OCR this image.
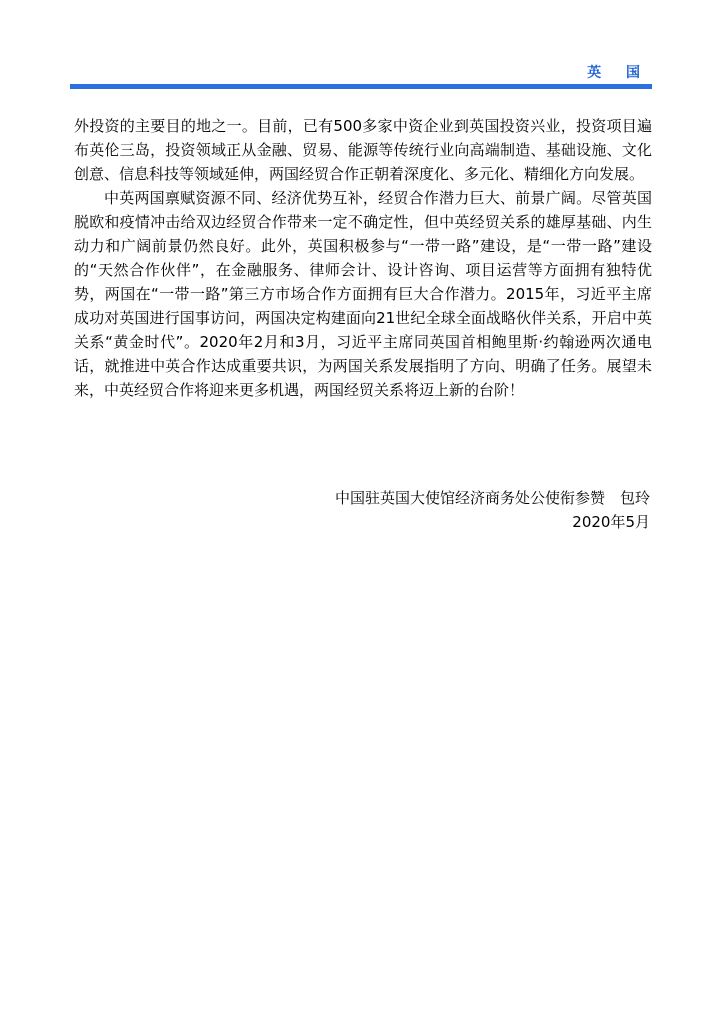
英 国

外投资的主要目的地之一。目前，已有500多家中资企业到英国投资兴业，投资项目遍布英伦三岛，投资领域正从金融、贸易、能源等传统行业向高端制造、基础设施、文化创意、信息科技等领域延伸，两国经贸合作正朝着深度化、多元化、精细化方向发展。

中英两国禀赋资源不同、经济优势互补，经贸合作潜力巨大、前景广阔。尽管英国脱欧和疫情冲击给双边经贸合作带来一定不确定性，但中英经贸关系的雄厚基础、内生动力和广阔前景仍然良好。此外，英国积极参与“一带一路”建设，是“一带一路”建设的“天然合作伙伴”，在金融服务、律师会计、设计咨询、项目运营等方面拥有独特优势，两国在“一带一路”第三方市场合作方面拥有巨大合作潜力。2015年，习近平主席成功对英国进行国事访问，两国决定构建面向21世纪全球全面战略伙伴关系，开启中英关系“黄金时代”。2020年2月和3月，习近平主席同英国首相鲍里斯·约翰逊两次通电话，就推进中英合作达成重要共识，为两国关系发展指明了方向、明确了任务。展望未来，中英经贸合作将迎来更多机遇，两国经贸关系将迈上新的台阶！

中国驻英国大使馆经济商务处公使衔参赞　包玲
2020年5月
